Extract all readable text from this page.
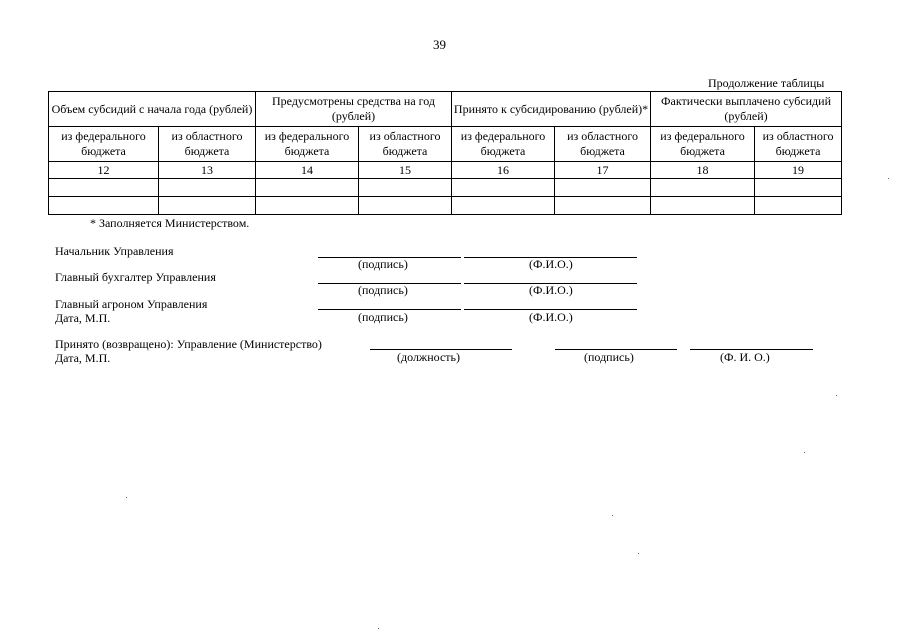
39
Продолжение таблицы
Объем субсидий с начала года (рублей)		Предусмотрены средства на год (рублей)		Принято к субсидированию (рублей)*		Фактически выплачено субсидий (рублей)	
из федерального бюджета	из областного бюджета	из федерального бюджета	из областного бюджета	из федерального бюджета	из областного бюджета	из федерального бюджета	из областного бюджета
12	13	14	15	16	17	18	19

* Заполняется Министерством.
Начальник Управления
(подпись)	(Ф.И.О.)
Главный бухгалтер Управления
(подпись)	(Ф.И.О.)
Главный агроном Управления
Дата, М.П.	(подпись)	(Ф.И.О.)
Принято (возвращено): Управление (Министерство)
Дата, М.П.	(должность)	(подпись)	(Ф. И. О.)
